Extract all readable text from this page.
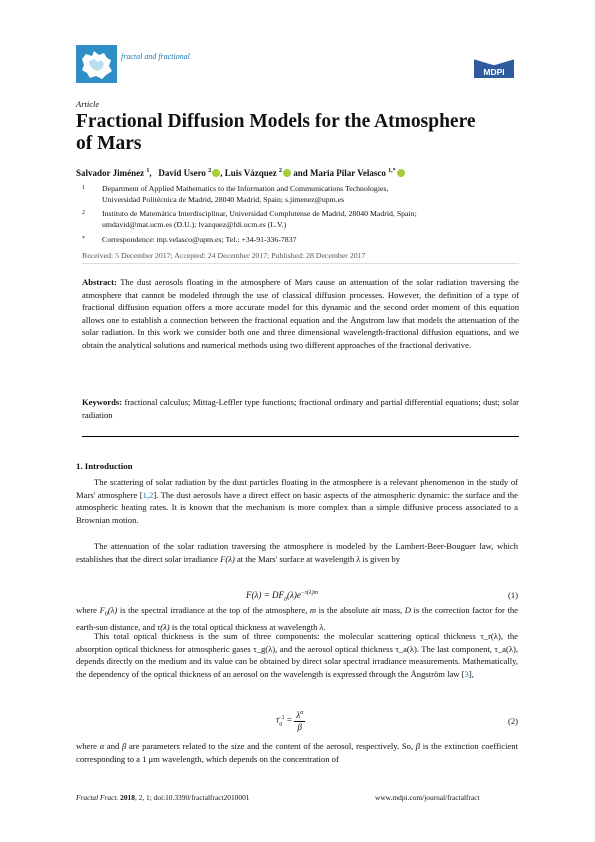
fractal and fractional
MDPI
Article
Fractional Diffusion Models for the Atmosphere
of Mars
Salvador Jiménez $^1$, David Usero $^2$ , Luis Vázquez $^2$ and Maria Pilar Velasco $^{1,*}$
1 Department of Applied Mathematics to the Information and Communications Technologies,
Universidad Politécnica de Madrid, 28040 Madrid, Spain; s.jimenez@upm.es
2 Instituto de Matemática Interdisciplinar, Universidad Complutense de Madrid, 28040 Madrid, Spain;
umdavid@mat.ucm.es (D.U.); lvazquez@fdi.ucm.es (L.V.)
* Correspondence: mp.velasco@upm.es; Tel.: +34-91-336-7837
Received: 5 December 2017; Accepted: 24 December 2017; Published: 28 December 2017
Abstract: The dust aerosols floating in the atmosphere of Mars cause an attenuation of the solar radiation traversing the atmosphere that cannot be modeled through the use of classical diffusion processes. However, the definition of a type of fractional diffusion equation offers a more accurate model for this dynamic and the second order moment of this equation allows one to establish a connection between the fractional equation and the Ångstrom law that models the attenuation of the solar radiation. In this work we consider both one and three dimensional wavelength-fractional diffusion equations, and we obtain the analytical solutions and numerical methods using two different approaches of the fractional derivative.
Keywords: fractional calculus; Mittag-Leffler type functions; fractional ordinary and partial differential equations; dust; solar radiation
1. Introduction
The scattering of solar radiation by the dust particles floating in the atmosphere is a relevant phenomenon in the study of Mars' atmosphere [1,2]. The dust aerosols have a direct effect on basic aspects of the atmospheric dynamic: the surface and the atmospheric heating rates. It is known that the mechanism is more complex than a simple diffusive process associated to a Brownian motion.
The attenuation of the solar radiation traversing the atmosphere is modeled by the Lambert-Beer-Bouguer law, which establishes that the direct solar irradiance F(λ) at the Mars' surface at wavelength λ is given by
$F(\lambda) = DF_0(\lambda)e^{-\tau(\lambda)m}$	(1)
where $F_0(\lambda)$ is the spectral irradiance at the top of the atmosphere, m is the absolute air mass, D is the correction factor for the earth-sun distance, and τ(λ) is the total optical thickness at wavelength λ.
This total optical thickness is the sum of three components: the molecular scattering optical thickness τ_r(λ), the absorption optical thickness for atmospheric gases τ_g(λ), and the aerosol optical thickness τ_a(λ). The last component, τ_a(λ), depends directly on the medium and its value can be obtained by direct solar spectral irradiance measurements. Mathematically, the dependency of the optical thickness of an aerosol on the wavelength is expressed through the Ångström law [3],
$\tau_a^{-1} = \frac{\lambda^\alpha}{\beta}$	(2)
where α and β are parameters related to the size and the content of the aerosol, respectively. So, β is the extinction coefficient corresponding to a 1 μm wavelength, which depends on the concentration of
Fractal Fract. 2018, 2, 1; doi:10.3390/fractalfract2010001	www.mdpi.com/journal/fractalfract
